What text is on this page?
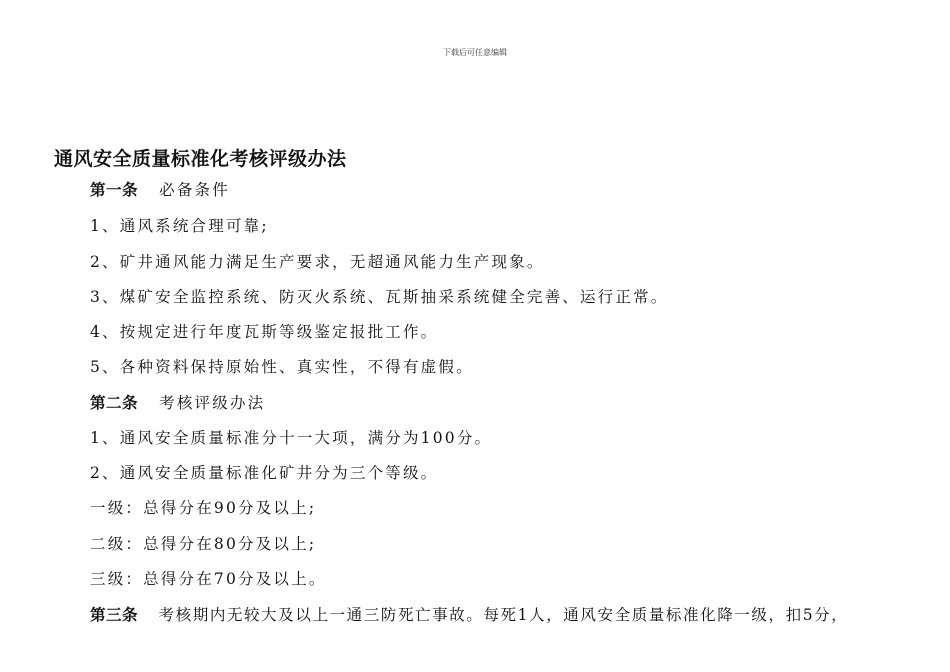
下载后可任意编辑
通风安全质量标准化考核评级办法
第一条 必备条件
1、通风系统合理可靠;
2、矿井通风能力满足生产要求，无超通风能力生产现象。
3、煤矿安全监控系统、防灭火系统、瓦斯抽采系统健全完善、运行正常。
4、按规定进行年度瓦斯等级鉴定报批工作。
5、各种资料保持原始性、真实性，不得有虚假。
第二条 考核评级办法
1、通风安全质量标准分十一大项，满分为100分。
2、通风安全质量标准化矿井分为三个等级。
一级：总得分在90分及以上;
二级：总得分在80分及以上;
三级：总得分在70分及以上。
第三条 考核期内无较大及以上一通三防死亡事故。每死1人，通风安全质量标准化降一级，扣5分，
